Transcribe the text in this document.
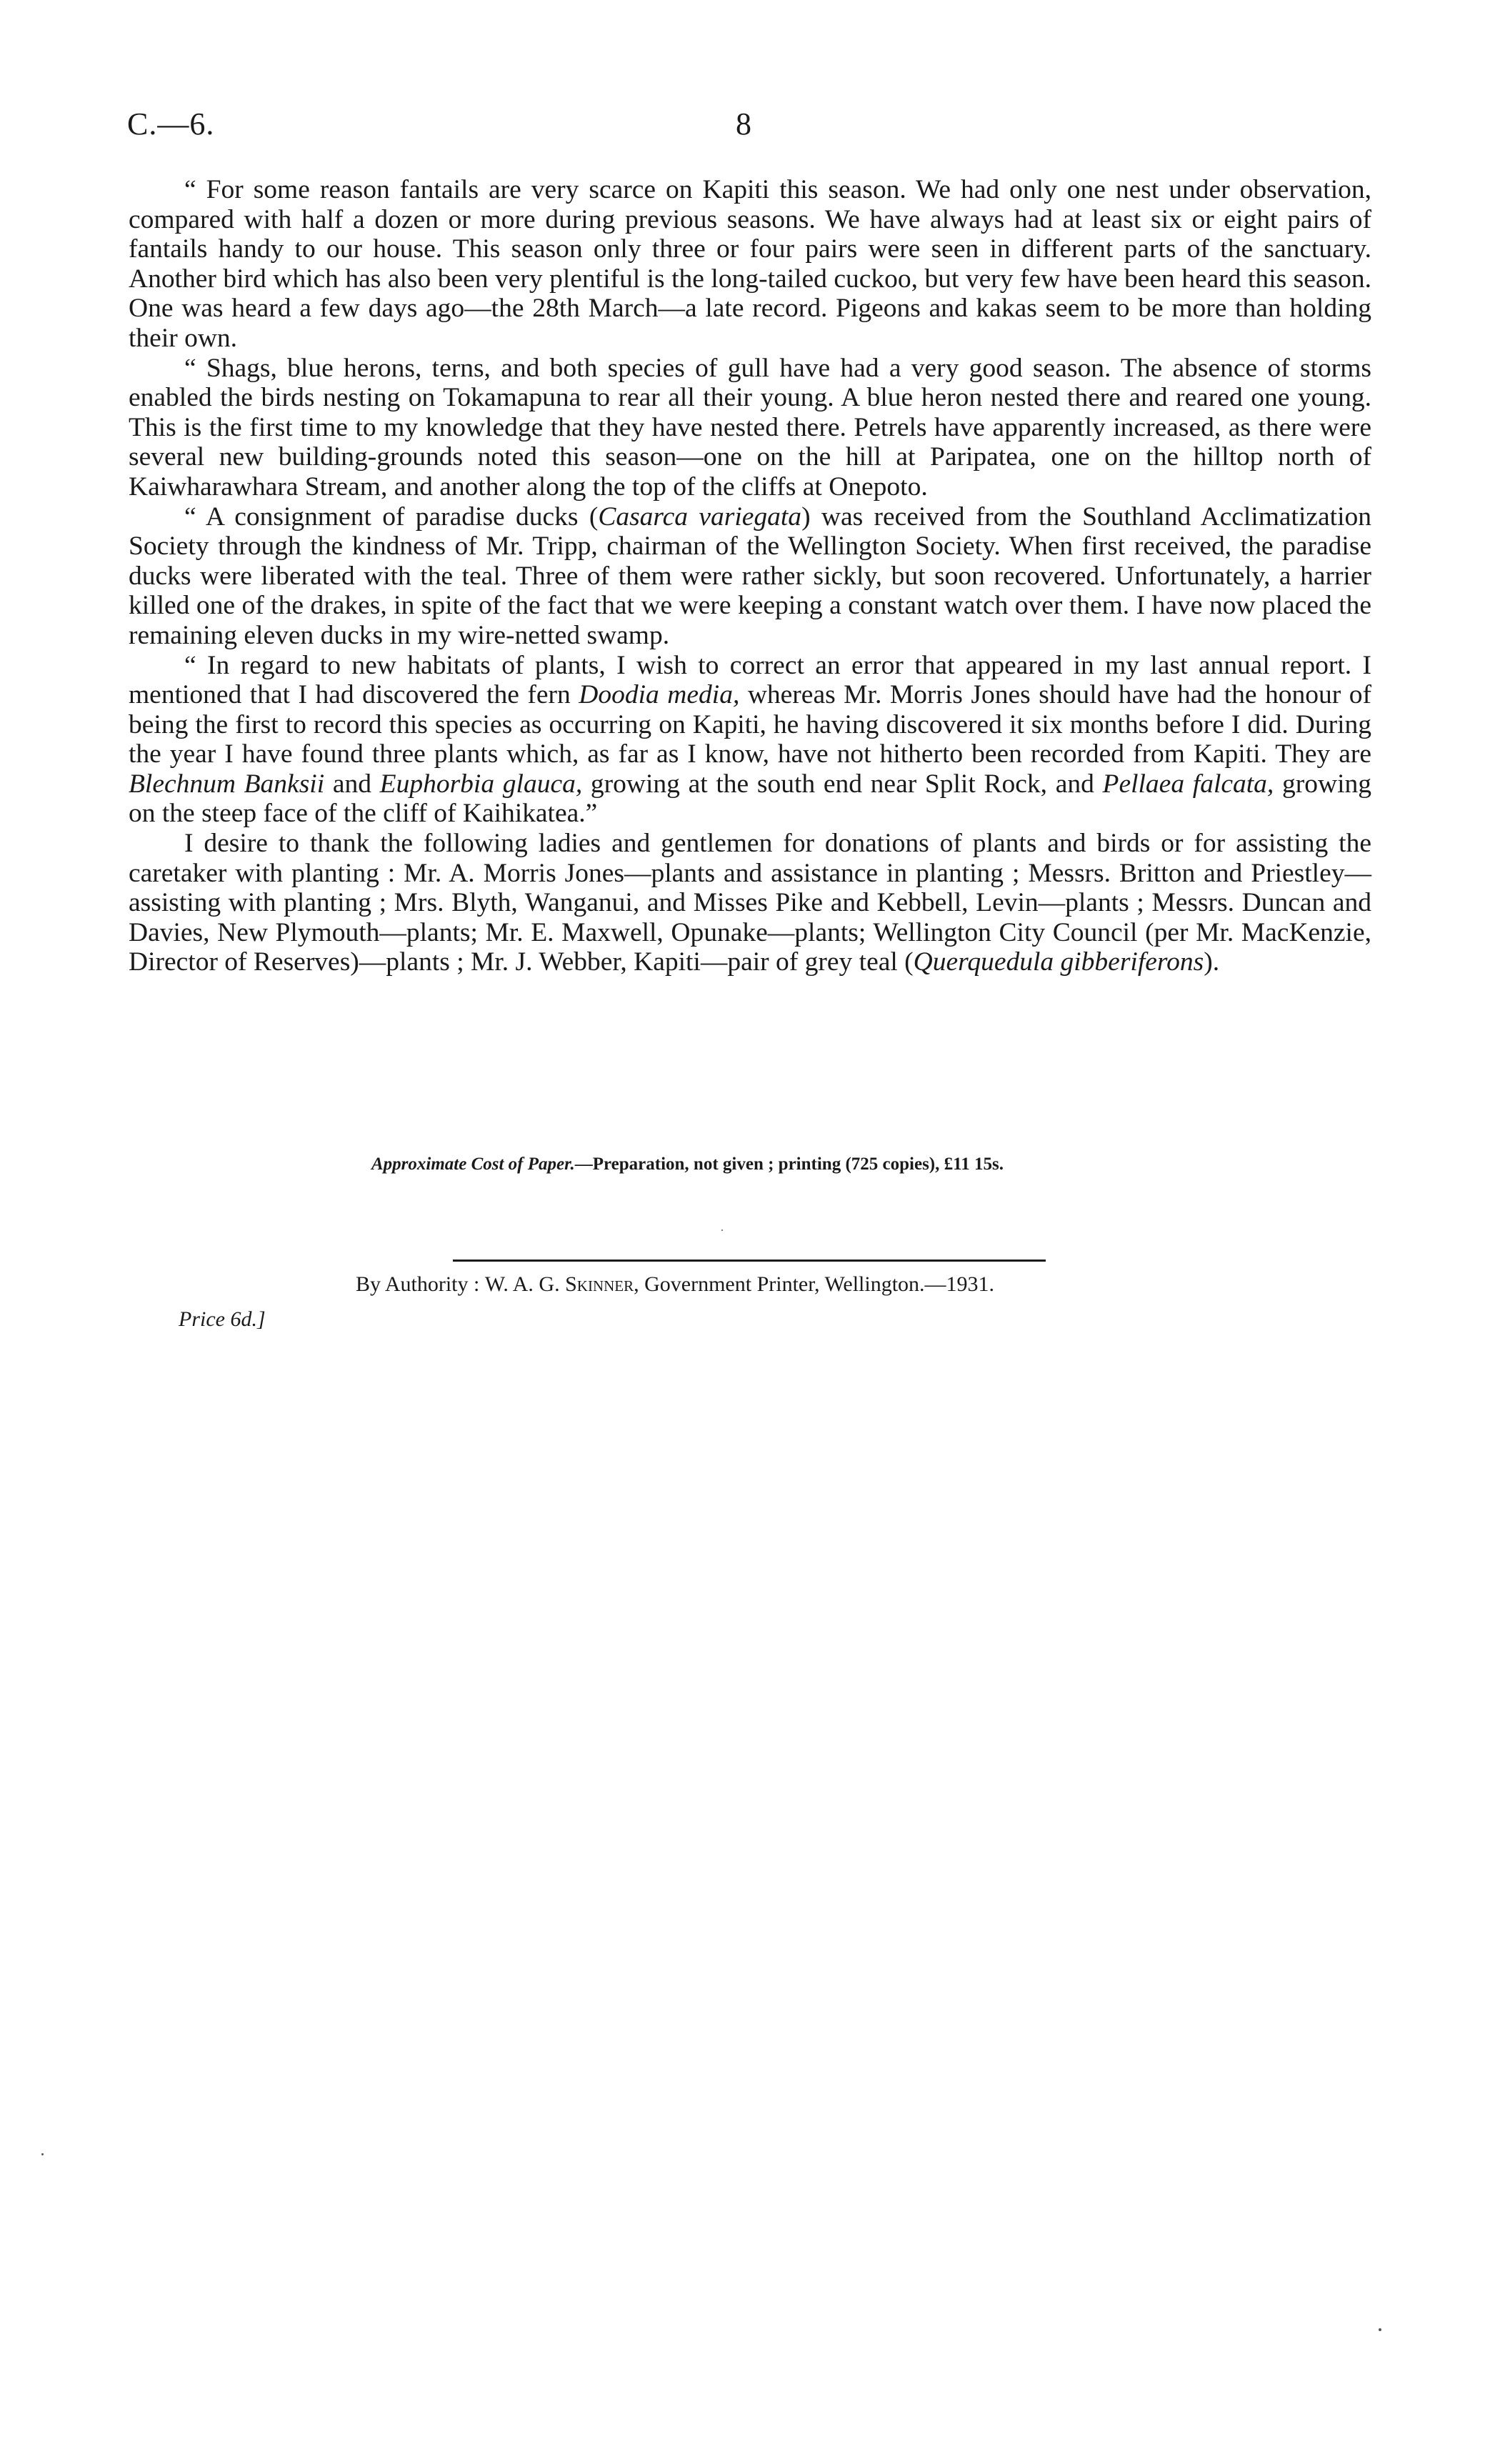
C.—6.	8

“ For some reason fantails are very scarce on Kapiti this season. We had only one nest under observation, compared with half a dozen or more during previous seasons. We have always had at least six or eight pairs of fantails handy to our house. This season only three or four pairs were seen in different parts of the sanctuary. Another bird which has also been very plentiful is the long-tailed cuckoo, but very few have been heard this season. One was heard a few days ago—the 28th March—a late record. Pigeons and kakas seem to be more than holding their own.

“ Shags, blue herons, terns, and both species of gull have had a very good season. The absence of storms enabled the birds nesting on Tokamapuna to rear all their young. A blue heron nested there and reared one young. This is the first time to my knowledge that they have nested there. Petrels have apparently increased, as there were several new building-grounds noted this season—one on the hill at Paripatea, one on the hilltop north of Kaiwharawhara Stream, and another along the top of the cliffs at Onepoto.

“ A consignment of paradise ducks (Casarca variegata) was received from the Southland Acclimatization Society through the kindness of Mr. Tripp, chairman of the Wellington Society. When first received, the paradise ducks were liberated with the teal. Three of them were rather sickly, but soon recovered. Unfortunately, a harrier killed one of the drakes, in spite of the fact that we were keeping a constant watch over them. I have now placed the remaining eleven ducks in my wire-netted swamp.

“ In regard to new habitats of plants, I wish to correct an error that appeared in my last annual report. I mentioned that I had discovered the fern Doodia media, whereas Mr. Morris Jones should have had the honour of being the first to record this species as occurring on Kapiti, he having discovered it six months before I did. During the year I have found three plants which, as far as I know, have not hitherto been recorded from Kapiti. They are Blechnum Banksii and Euphorbia glauca, growing at the south end near Split Rock, and Pellaea falcata, growing on the steep face of the cliff of Kaihikatea.”

I desire to thank the following ladies and gentlemen for donations of plants and birds or for assisting the caretaker with planting : Mr. A. Morris Jones—plants and assistance in planting ; Messrs. Britton and Priestley—assisting with planting ; Mrs. Blyth, Wanganui, and Misses Pike and Kebbell, Levin—plants ; Messrs. Duncan and Davies, New Plymouth—plants; Mr. E. Maxwell, Opunake—plants; Wellington City Council (per Mr. MacKenzie, Director of Reserves)—plants ; Mr. J. Webber, Kapiti—pair of grey teal (Querquedula gibberiferons).

Approximate Cost of Paper.—Preparation, not given ; printing (725 copies), £11 15s.
By Authority : W. A. G. Skinner, Government Printer, Wellington.—1931.
Price 6d.]
